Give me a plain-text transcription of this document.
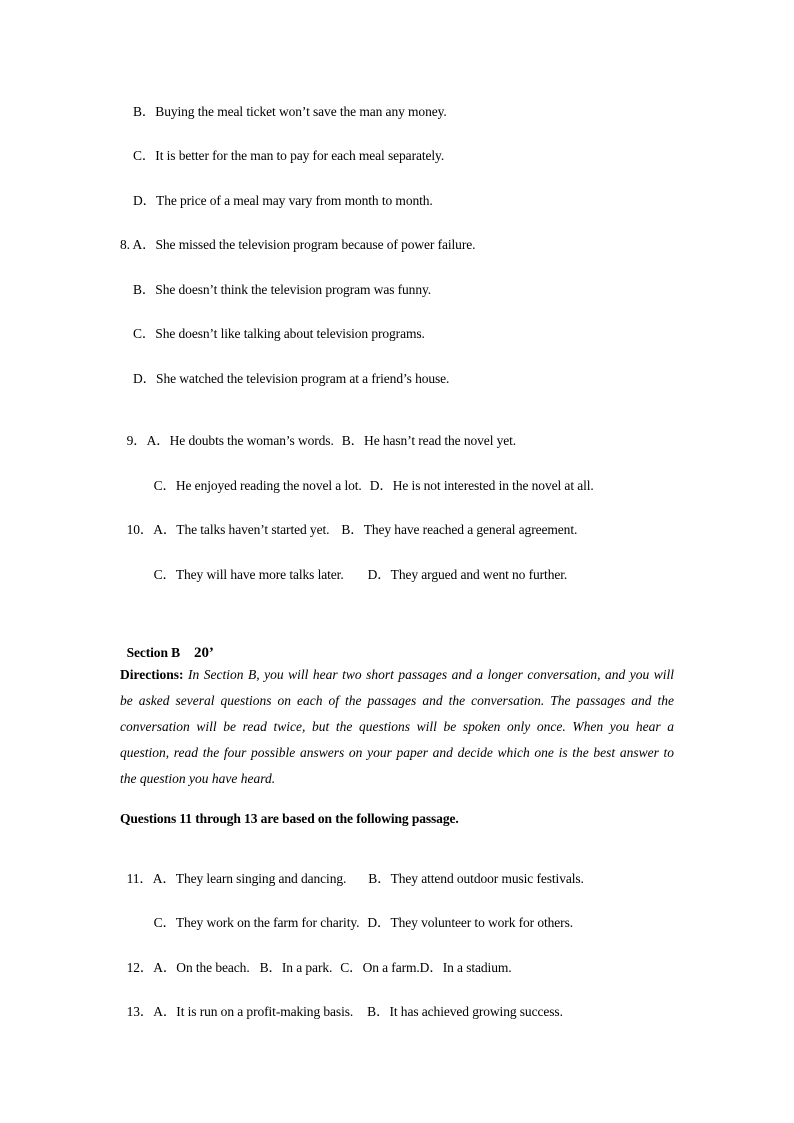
B．Buying the meal ticket won’t save the man any money.
C．It is better for the man to pay for each meal separately.
D．The price of a meal may vary from month to month.
8. A．She missed the television program because of power failure.
B．She doesn’t think the television program was funny.
C．She doesn’t like talking about television programs.
D．She watched the television program at a friend’s house.

9．A．He doubts the woman’s words. B．He hasn’t read the novel yet.

C．He enjoyed reading the novel a lot. D．He is not interested in the novel at all.

10．A．The talks haven’t started yet. B．They have reached a general agreement.

C．They will have more talks later. D．They argued and went no further.

Section B 20’

Directions: In Section B, you will hear two short passages and a longer conversation, and you will
be asked several questions on each of the passages and the conversation. The passages and the
conversation will be read twice, but the questions will be spoken only once. When you hear a
question, read the four possible answers on your paper and decide which one is the best answer to
the question you have heard.
Questions 11 through 13 are based on the following passage.

11．A．They learn singing and dancing. B．They attend outdoor music festivals.

C．They work on the farm for charity. D．They volunteer to work for others.

12．A．On the beach. B．In a park. C．On a farm.D．In a stadium.

13．A．It is run on a profit-making basis. B．It has achieved growing success.
